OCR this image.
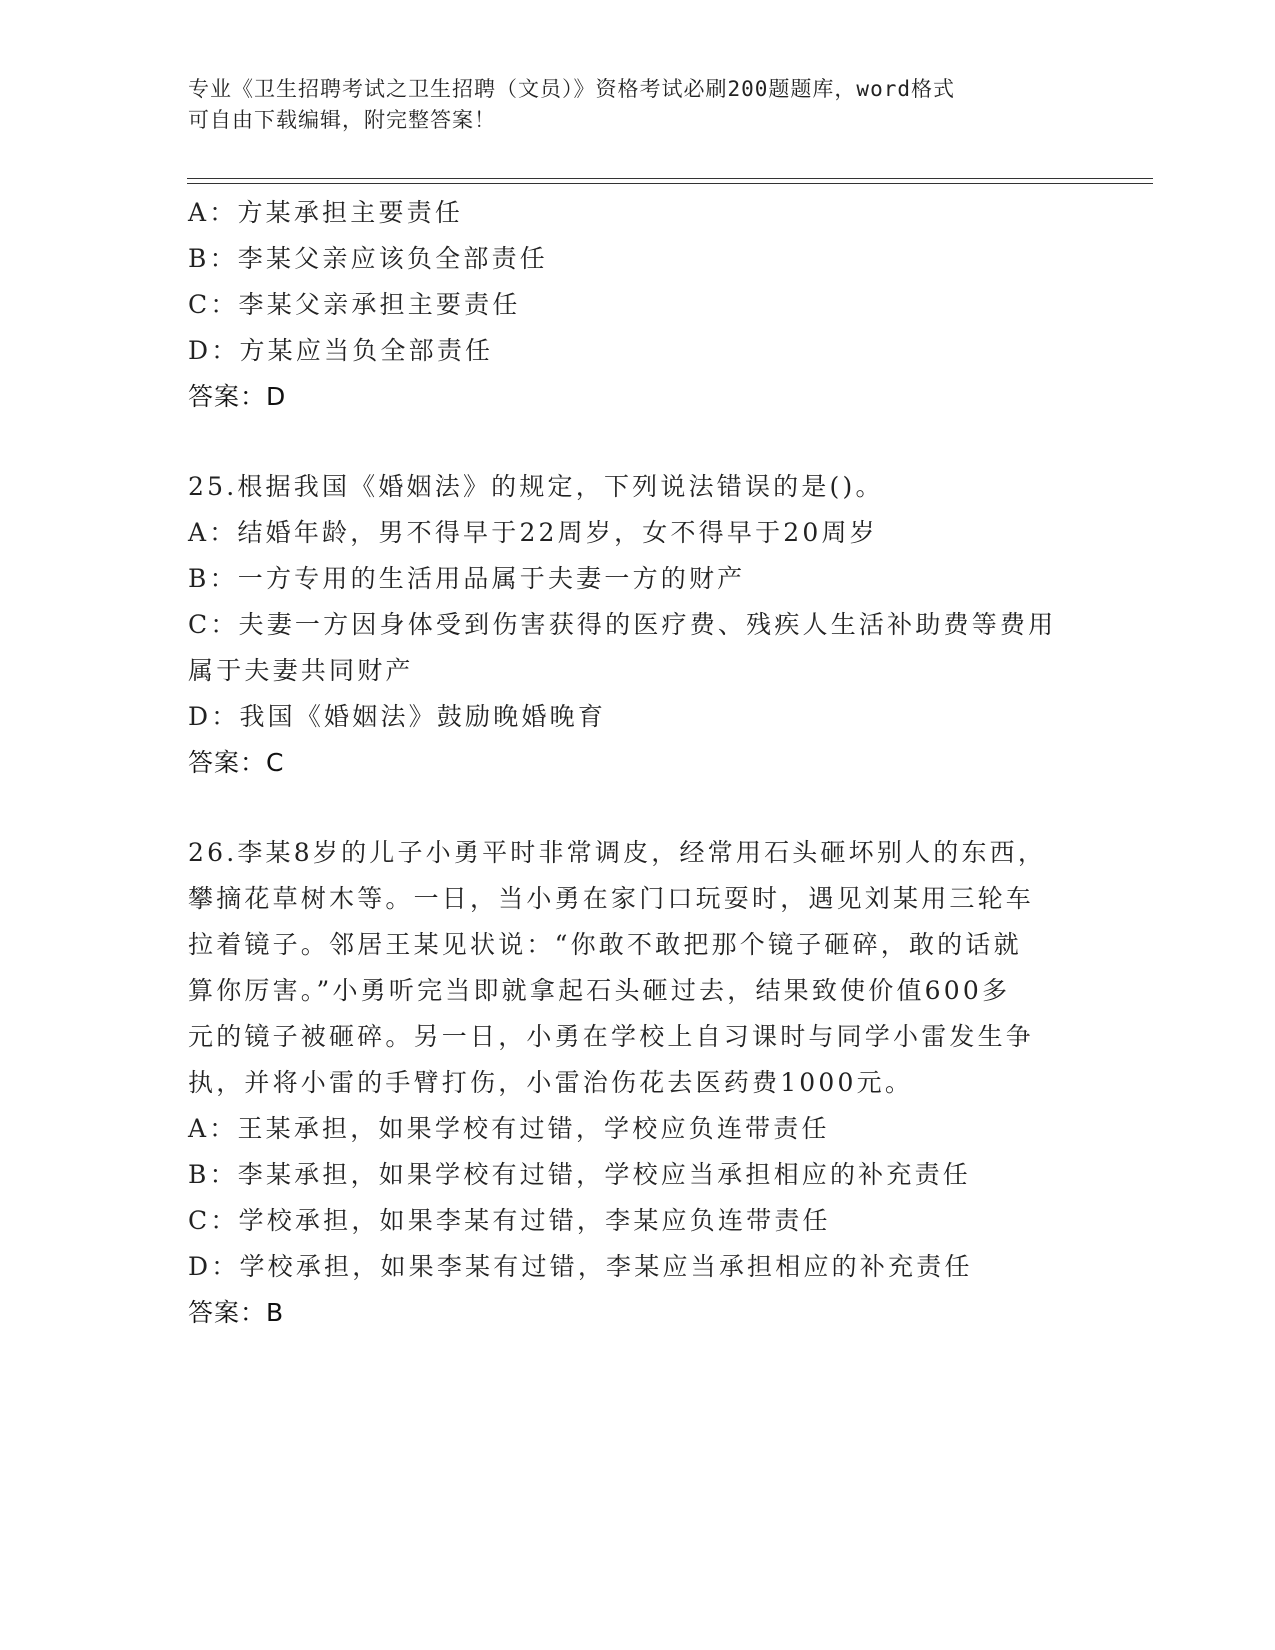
专业《卫生招聘考试之卫生招聘（文员）》资格考试必刷200题题库，word格式
可自由下载编辑，附完整答案！
A：方某承担主要责任
B：李某父亲应该负全部责任
C：李某父亲承担主要责任
D：方某应当负全部责任
答案：D
25.根据我国《婚姻法》的规定，下列说法错误的是()。
A：结婚年龄，男不得早于22周岁，女不得早于20周岁
B：一方专用的生活用品属于夫妻一方的财产
C：夫妻一方因身体受到伤害获得的医疗费、残疾人生活补助费等费用
属于夫妻共同财产
D：我国《婚姻法》鼓励晚婚晚育
答案：C
26.李某8岁的儿子小勇平时非常调皮，经常用石头砸坏别人的东西，
攀摘花草树木等。一日，当小勇在家门口玩耍时，遇见刘某用三轮车
拉着镜子。邻居王某见状说：“你敢不敢把那个镜子砸碎，敢的话就
算你厉害。”小勇听完当即就拿起石头砸过去，结果致使价值600多
元的镜子被砸碎。另一日，小勇在学校上自习课时与同学小雷发生争
执，并将小雷的手臂打伤，小雷治伤花去医药费1000元。
A：王某承担，如果学校有过错，学校应负连带责任
B：李某承担，如果学校有过错，学校应当承担相应的补充责任
C：学校承担，如果李某有过错，李某应负连带责任
D：学校承担，如果李某有过错，李某应当承担相应的补充责任
答案：B
